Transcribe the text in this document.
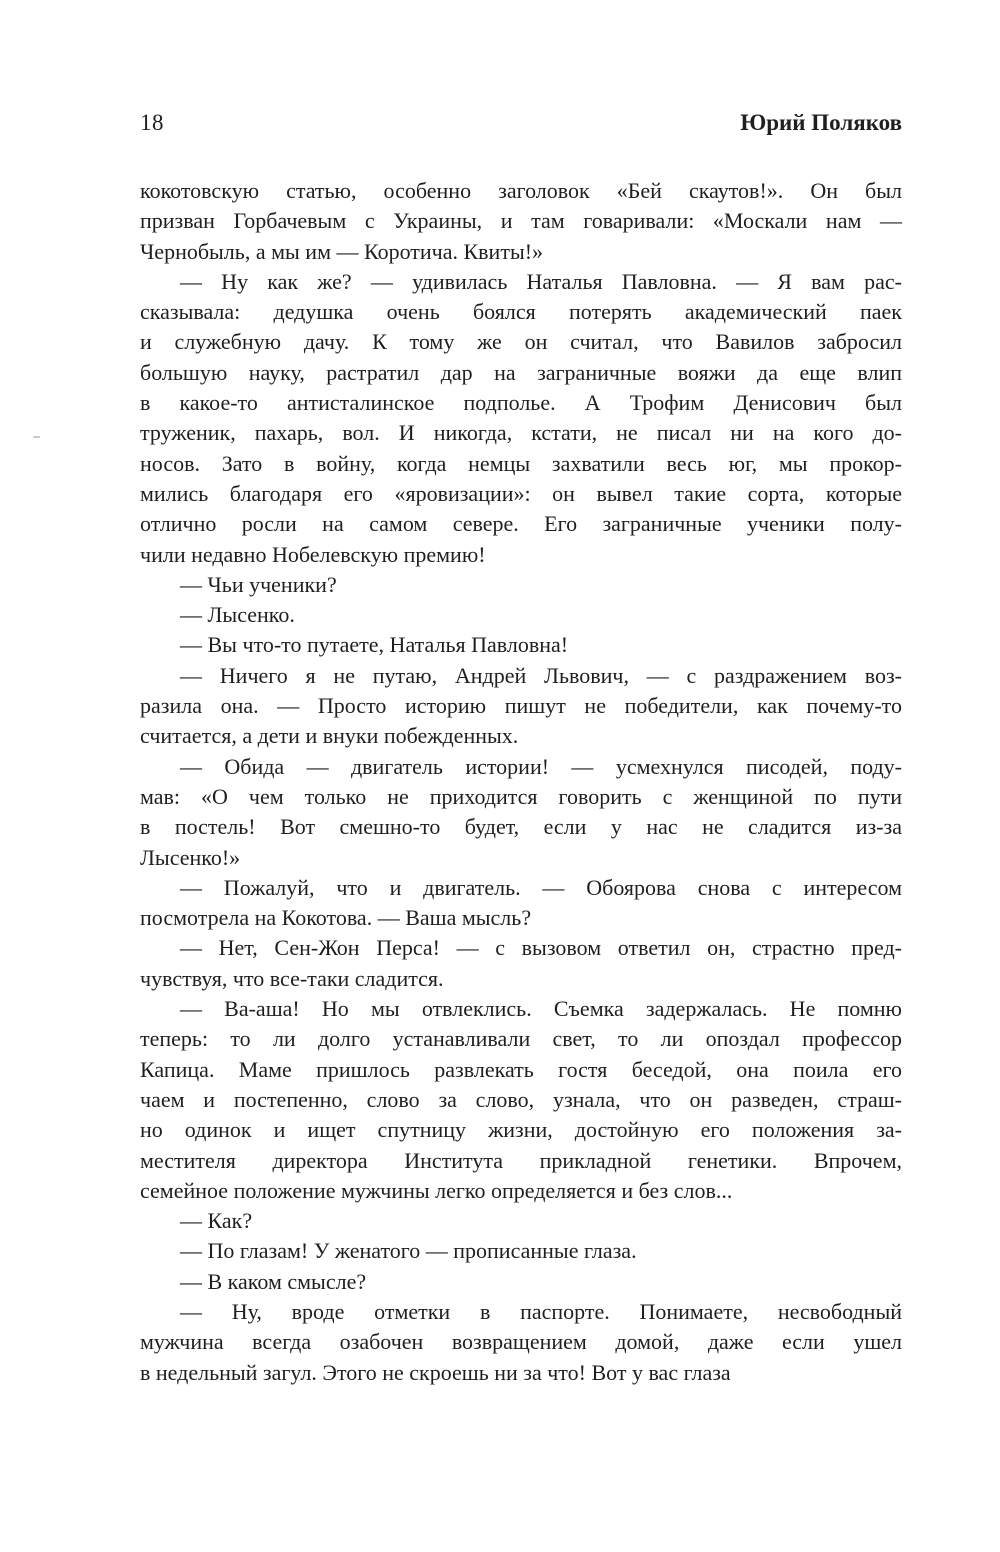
18	Юрий Поляков

кокотовскую статью, особенно заголовок «Бей скаутов!». Он был
призван Горбачевым с Украины, и там говаривали: «Москали нам —
Чернобыль, а мы им — Коротича. Квиты!»

— Ну как же? — удивилась Наталья Павловна. — Я вам рас-
сказывала: дедушка очень боялся потерять академический паек
и служебную дачу. К тому же он считал, что Вавилов забросил
большую науку, растратил дар на заграничные вояжи да еще влип
в какое-то антисталинское подполье. А Трофим Денисович был
труженик, пахарь, вол. И никогда, кстати, не писал ни на кого до-
носов. Зато в войну, когда немцы захватили весь юг, мы прокор-
мились благодаря его «яровизации»: он вывел такие сорта, которые
отлично росли на самом севере. Его заграничные ученики полу-
чили недавно Нобелевскую премию!

— Чьи ученики?

— Лысенко.

— Вы что-то путаете, Наталья Павловна!

— Ничего я не путаю, Андрей Львович, — с раздражением воз-
разила она. — Просто историю пишут не победители, как почему-то
считается, а дети и внуки побежденных.

— Обида — двигатель истории! — усмехнулся писодей, поду-
мав: «О чем только не приходится говорить с женщиной по пути
в постель! Вот смешно-то будет, если у нас не сладится из-за
Лысенко!»

— Пожалуй, что и двигатель. — Обоярова снова с интересом
посмотрела на Кокотова. — Ваша мысль?

— Нет, Сен-Жон Перса! — с вызовом ответил он, страстно пред-
чувствуя, что все-таки сладится.

— Ва-аша! Но мы отвлеклись. Съемка задержалась. Не помню
теперь: то ли долго устанавливали свет, то ли опоздал профессор
Капица. Маме пришлось развлекать гостя беседой, она поила его
чаем и постепенно, слово за слово, узнала, что он разведен, страш-
но одинок и ищет спутницу жизни, достойную его положения за-
местителя директора Института прикладной генетики. Впрочем,
семейное положение мужчины легко определяется и без слов...

— Как?

— По глазам! У женатого — прописанные глаза.

— В каком смысле?

— Ну, вроде отметки в паспорте. Понимаете, несвободный
мужчина всегда озабочен возвращением домой, даже если ушел
в недельный загул. Этого не скроешь ни за что! Вот у вас глаза
